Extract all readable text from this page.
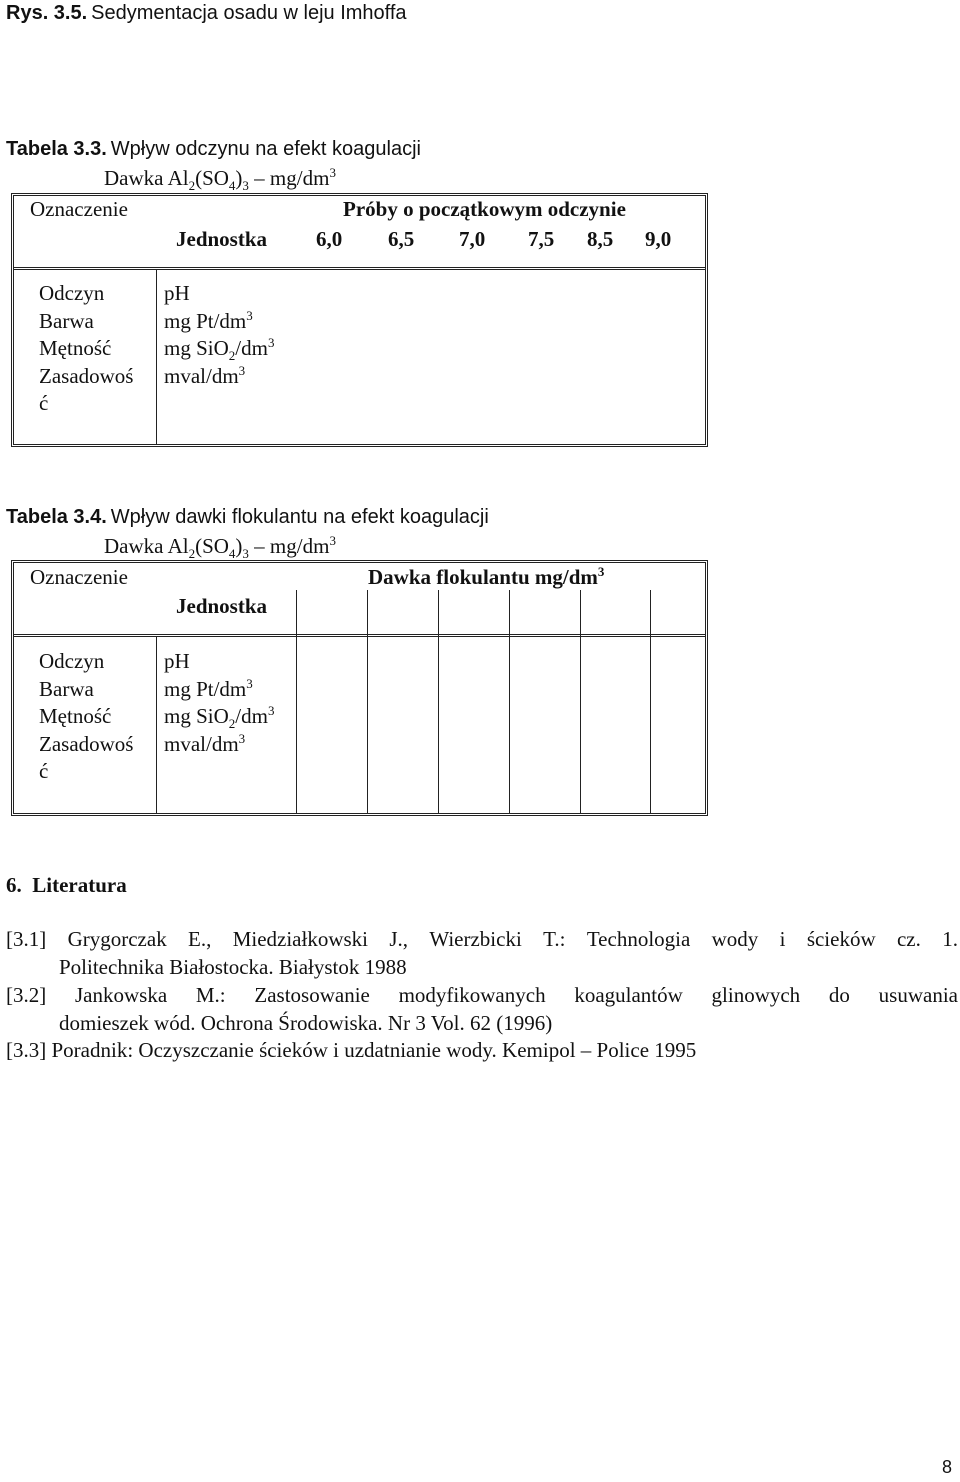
Rys. 3.5. Sedymentacja osadu w leju Imhoffa
Tabela 3.3. Wpływ odczynu na efekt koagulacji
Dawka $Al_2(SO_4)_3 - mg/dm^3$
Oznaczenie	Próby o początkowym odczynie
Jednostka 6,0 6,5 7,0 7,5 8,5 9,0
Odczyn
Barwa
Mętność
Zasadowoś
ć
pH
mg $Pt/dm^3$
mg $SiO_2/dm^3$
mval/$dm^3$
Tabela 3.4. Wpływ dawki flokulantu na efekt koagulacji
Dawka $Al_2(SO_4)_3 - mg/dm^3$
Oznaczenie	Dawka flokulantu $mg/dm^3$
Jednostka
Odczyn
Barwa
Mętność
Zasadowoś
ć
pH
mg $Pt/dm^3$
mg $SiO_2/dm^3$
mval/$dm^3$
6.  Literatura
[3.1] Grygorczak E., Miedziałkowski J., Wierzbicki T.: Technologia wody i ścieków cz. 1.
Politechnika Białostocka. Białystok 1988
[3.2] Jankowska M.: Zastosowanie modyfikowanych koagulantów glinowych do usuwania
domieszek wód. Ochrona Środowiska. Nr 3 Vol. 62 (1996)
[3.3] Poradnik: Oczyszczanie ścieków i uzdatnianie wody. Kemipol – Police 1995
8
